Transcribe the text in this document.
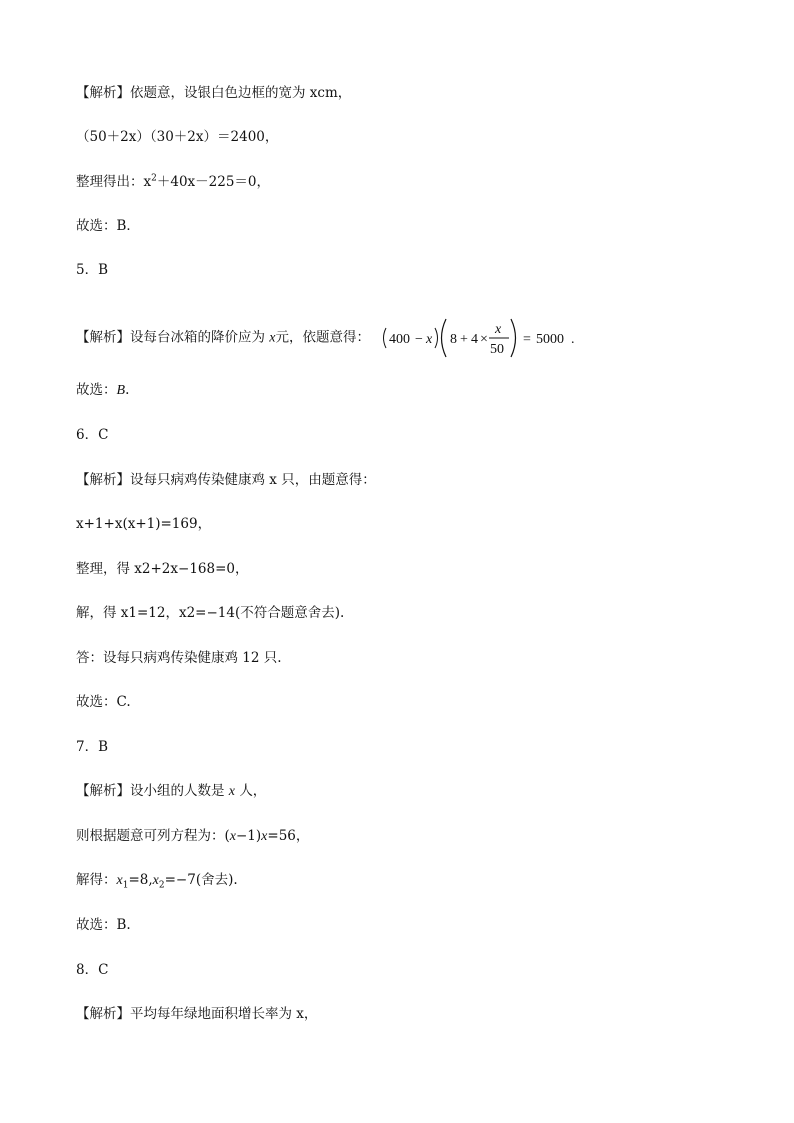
【解析】依题意，设银白色边框的宽为 xcm，
（50＋2x）（30＋2x）＝2400，
整理得出：$x^2+40x-225=0$，
故选：B．
5．B
【解析】设每台冰箱的降价应为 x元，依题意得： 400 − x 8 + 4 ×
x
50
= 5000 .
故选：B.
6．C
【解析】设每只病鸡传染健康鸡 x 只，由题意得：
x+1+x(x+1)=169，
整理，得 x2+2x−168=0，
解，得 x1=12，x2=−14(不符合题意舍去).
答：设每只病鸡传染健康鸡 12 只.
故选：C.
7．B
【解析】设小组的人数是 x 人，
则根据题意可列方程为：(x−1)x=56，
解得：$x_1=8,x_2=-7$(舍去).
故选：B.
8．C
【解析】平均每年绿地面积增长率为 x，
